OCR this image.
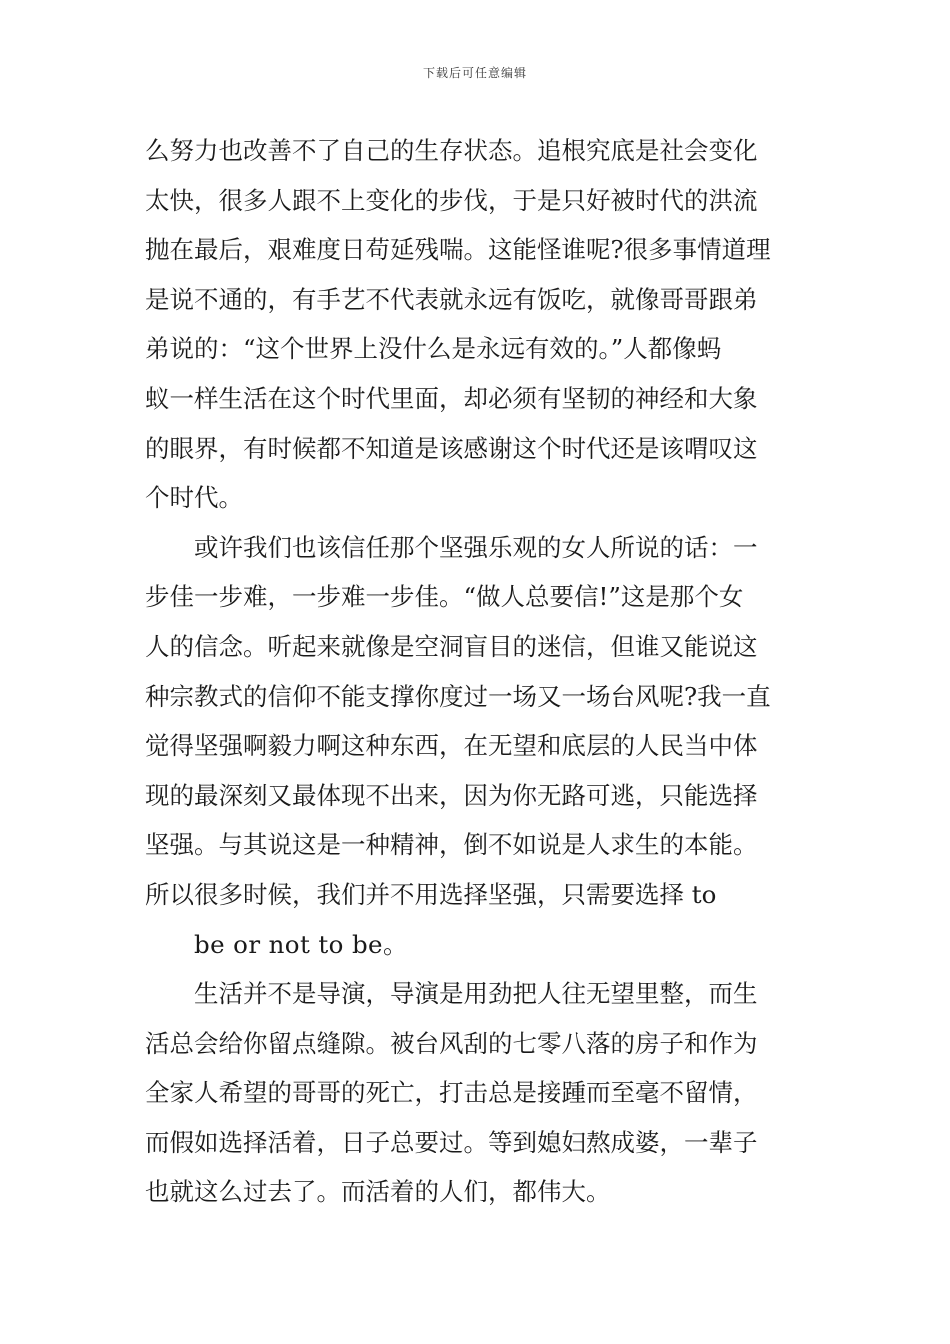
下载后可任意编辑
么努力也改善不了自己的生存状态。追根究底是社会变化
太快，很多人跟不上变化的步伐，于是只好被时代的洪流
抛在最后，艰难度日苟延残喘。这能怪谁呢?很多事情道理
是说不通的，有手艺不代表就永远有饭吃，就像哥哥跟弟
弟说的：“这个世界上没什么是永远有效的。”人都像蚂
蚁一样生活在这个时代里面，却必须有坚韧的神经和大象
的眼界，有时候都不知道是该感谢这个时代还是该喟叹这
个时代。
或许我们也该信任那个坚强乐观的女人所说的话：一
步佳一步难，一步难一步佳。“做人总要信!”这是那个女
人的信念。听起来就像是空洞盲目的迷信，但谁又能说这
种宗教式的信仰不能支撑你度过一场又一场台风呢?我一直
觉得坚强啊毅力啊这种东西，在无望和底层的人民当中体
现的最深刻又最体现不出来，因为你无路可逃，只能选择
坚强。与其说这是一种精神，倒不如说是人求生的本能。
所以很多时候，我们并不用选择坚强，只需要选择 to
be or not to be。
生活并不是导演，导演是用劲把人往无望里整，而生
活总会给你留点缝隙。被台风刮的七零八落的房子和作为
全家人希望的哥哥的死亡，打击总是接踵而至毫不留情，
而假如选择活着，日子总要过。等到媳妇熬成婆，一辈子
也就这么过去了。而活着的人们，都伟大。
